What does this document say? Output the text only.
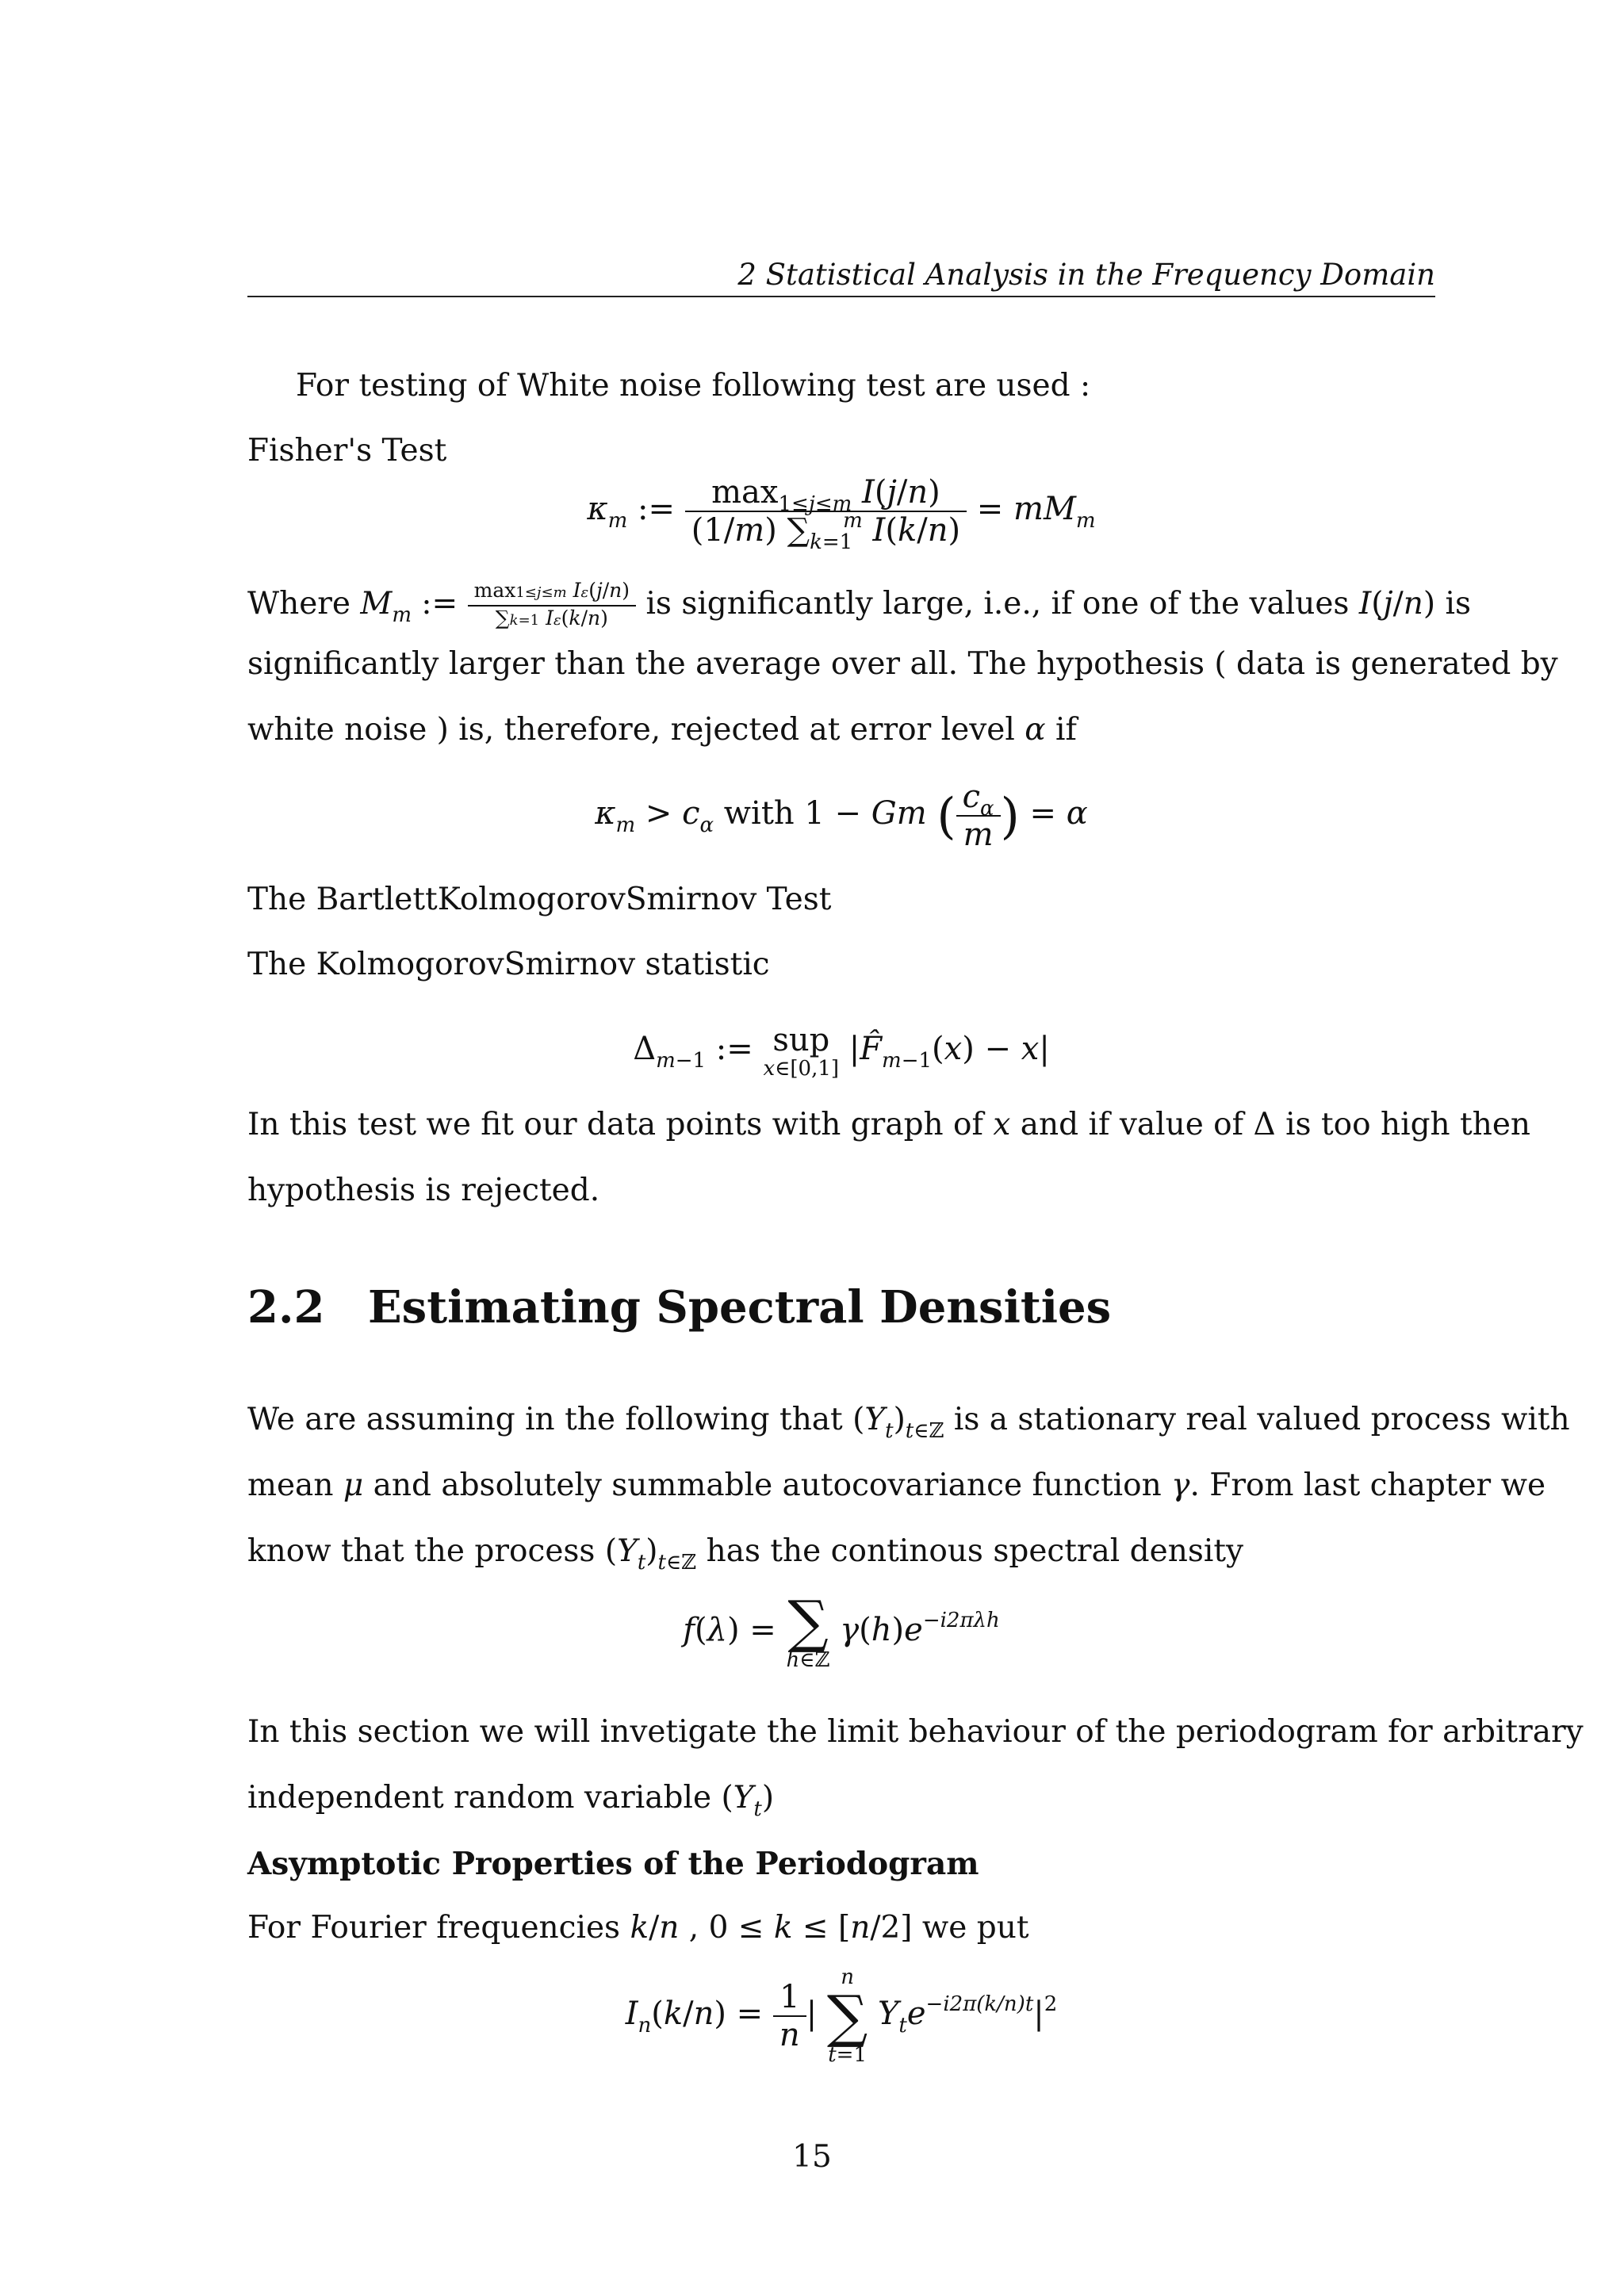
2 Statistical Analysis in the Frequency Domain
For testing of White noise following test are used :
Fisher's Test
$\kappa_m$ := $\frac{\max_{1\le j\le m} I(j/n)}{(1/m) \sum_{k=1}^m I(k/n)} = mM_m$
Where $M_m$ := $\frac{\text{max1≤j≤m Iε(j/n)}}{\sum k=1 I\varepsilon(k/n)}$ is significantly large, i.e., if one of the values I(j/n) is
significantly larger than the average over all. The hypothesis ( data is generated by
white noise ) is, therefore, rejected at error level α if
$\kappa_m > c_\alpha$ with 1 − Gm ( $\frac{c_\alpha}{m}$ ) = α
The BartlettKolmogorovSmirnov Test
The KolmogorovSmirnov statistic
$\Delta_{m-1}$ := sup
x∈[0,1]
$|F̂_{m-1}(x) - x|$
In this test we fit our data points with graph of x and if value of Δ is too high then
hypothesis is rejected.
2.2 Estimating Spectral Densities
We are assuming in the following that $(Y_t)_{t\in ℤ}$ is a stationary real valued process with
mean μ and absolutely summable autocovariance function γ. From last chapter we
know that the process $(Y_t)_{t\in ℤ}$ has the continous spectral density
f(λ) = ∑
h∈ℤ
$\gamma(h)e^{-i2\pi\lambda h}$
In this section we will invetigate the limit behaviour of the periodogram for arbitrary
independent random variable $(Y_t)$
Asymptotic Properties of the Periodogram
For Fourier frequencies k/n , 0 ≤ k ≤ [n/2] we put
$I_n(k/n) = \frac{1}{n}$ |
n
∑
t=1
$Y_te^{-i2\pi(k/n)t}|^2$
15
